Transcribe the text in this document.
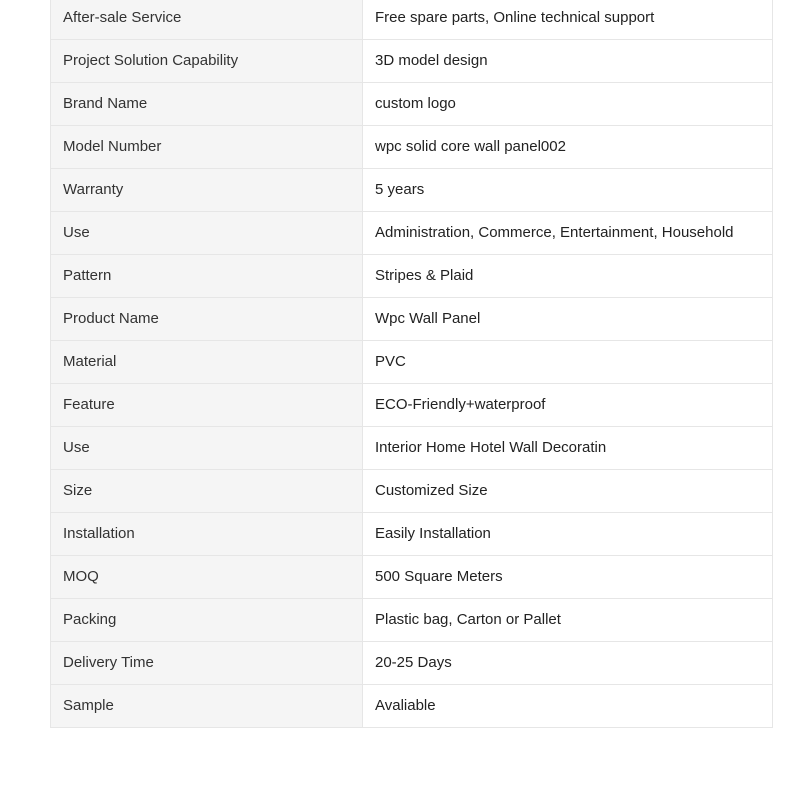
After-sale Service	Free spare parts, Online technical support
Project Solution Capability	3D model design
Brand Name	custom logo
Model Number	wpc solid core wall panel002
Warranty	5 years
Use	Administration, Commerce, Entertainment, Household
Pattern	Stripes & Plaid
Product Name	Wpc Wall Panel
Material	PVC
Feature	ECO-Friendly+waterproof
Use	Interior Home Hotel Wall Decoratin
Size	Customized Size
Installation	Easily Installation
MOQ	500 Square Meters
Packing	Plastic bag, Carton or Pallet
Delivery Time	20-25 Days
Sample	Avaliable
